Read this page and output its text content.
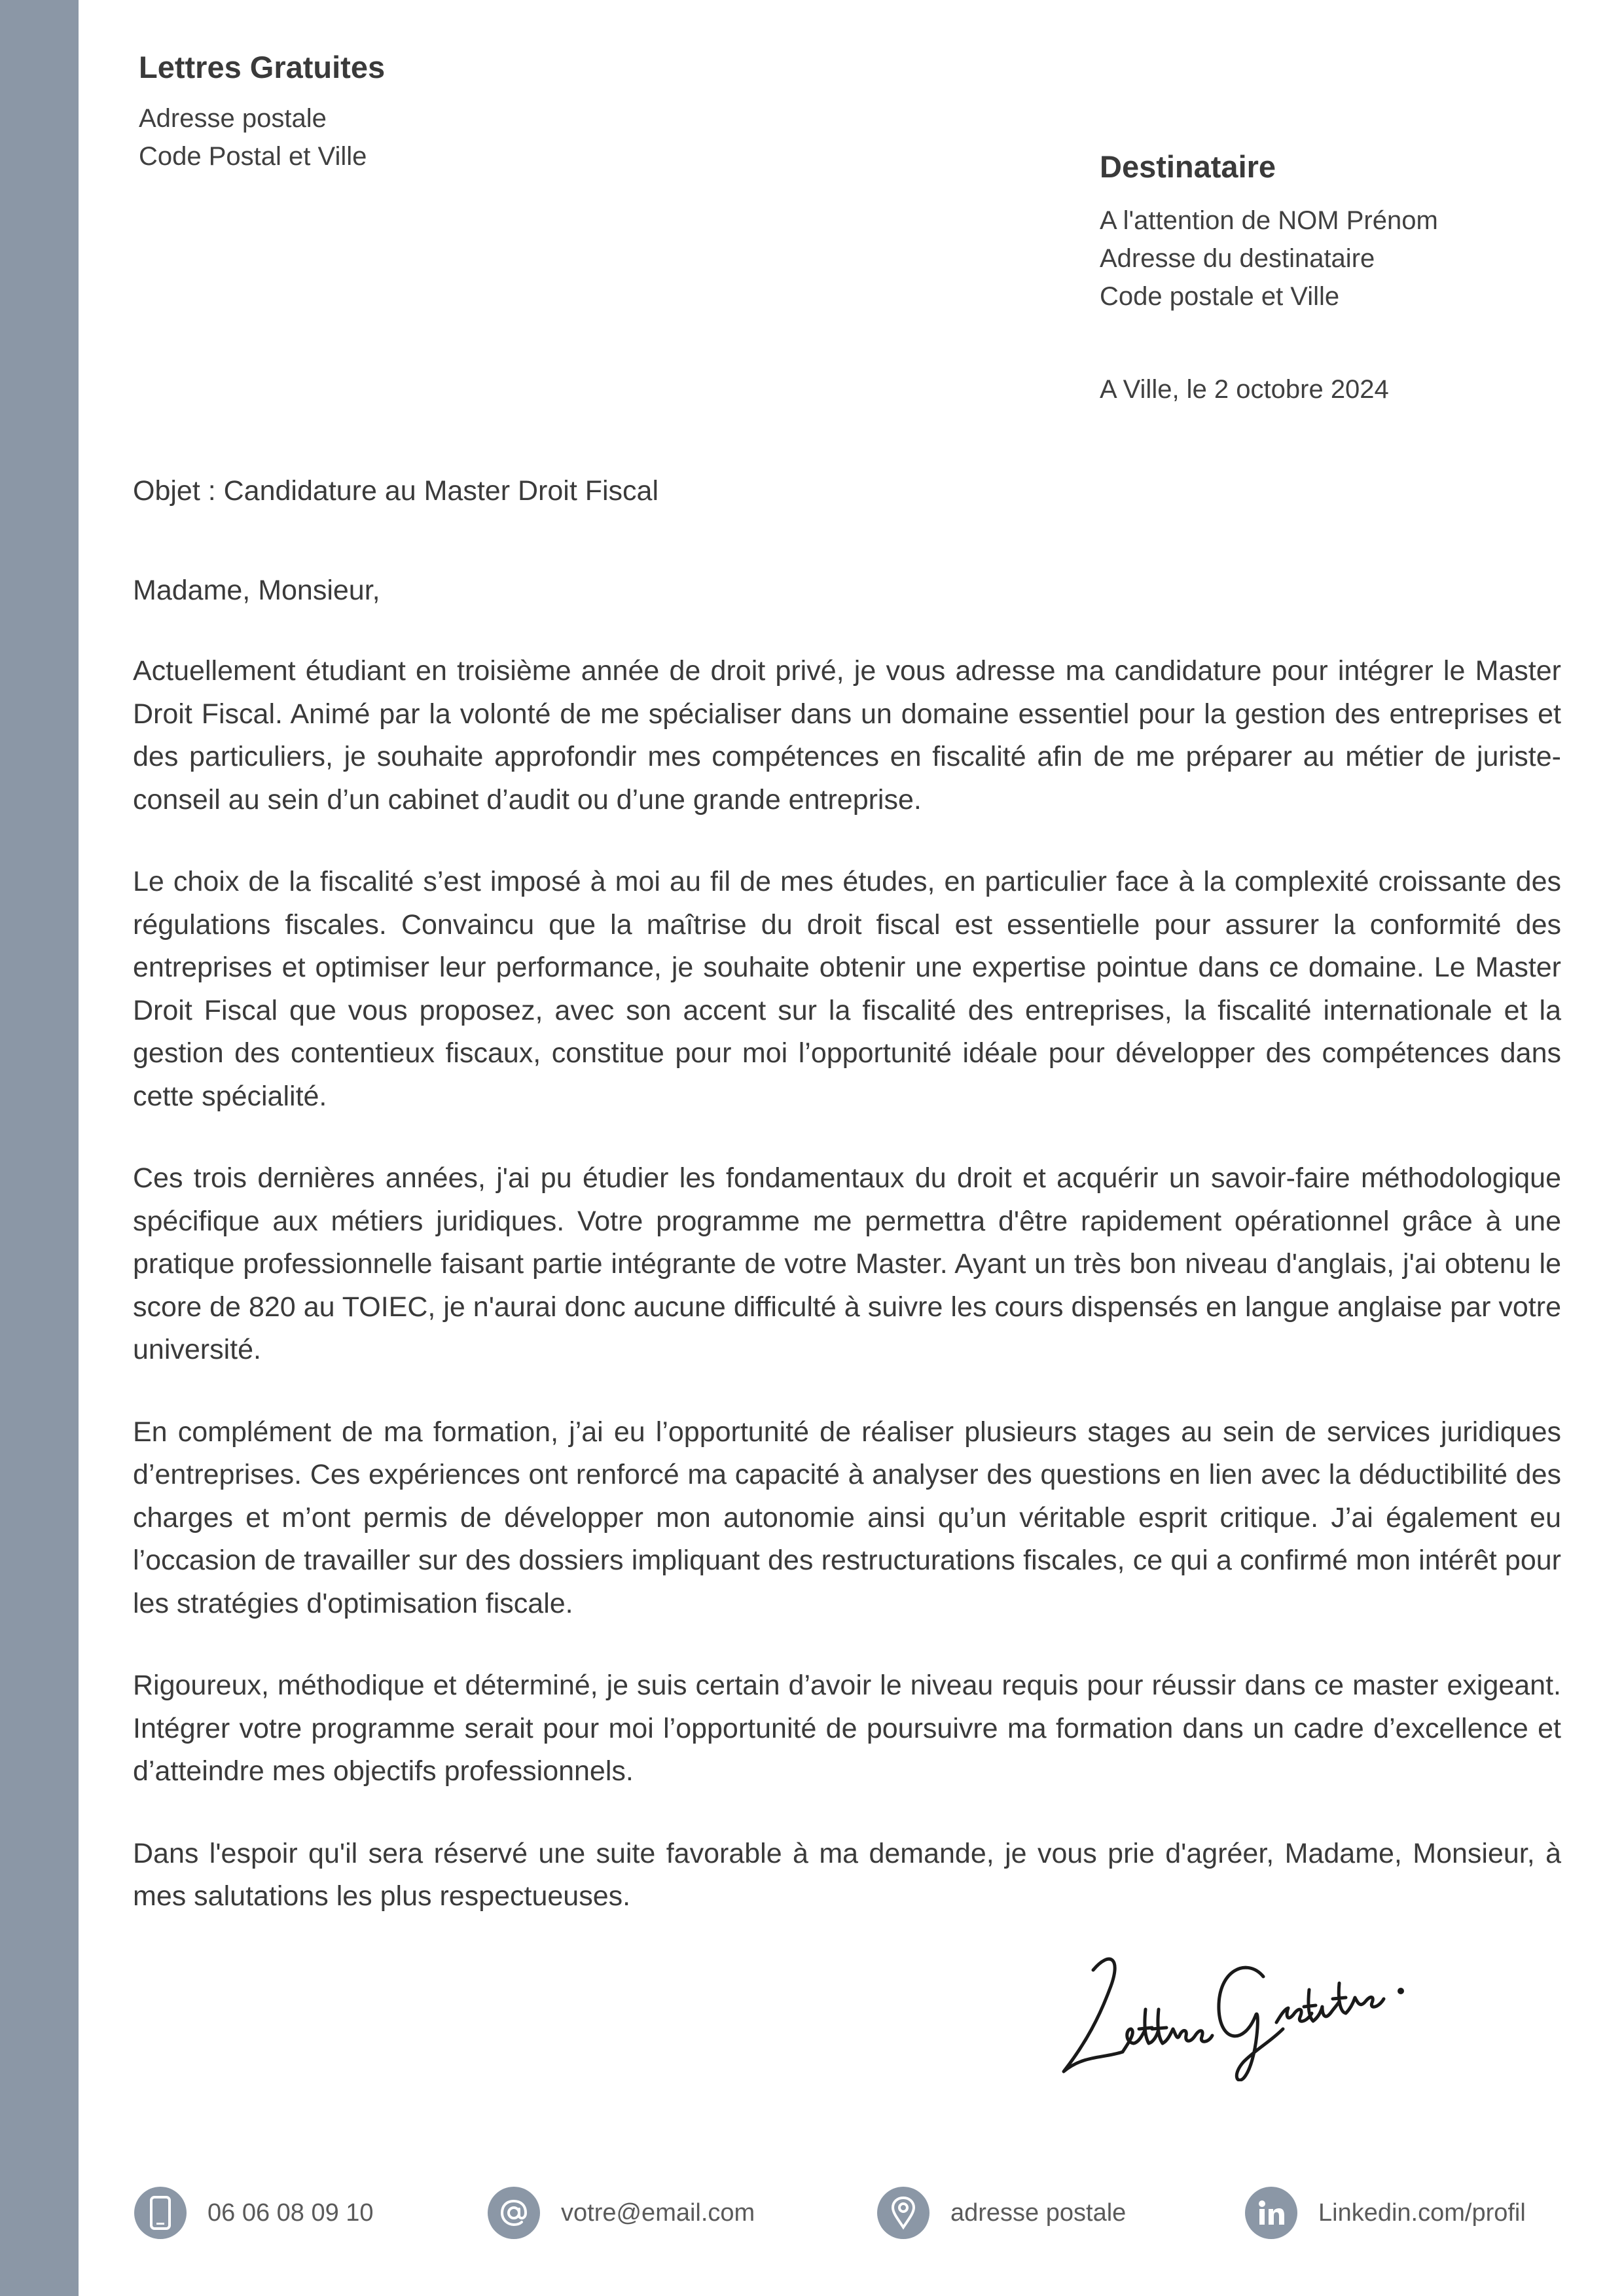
Lettres Gratuites
Adresse postale
Code Postal et Ville	Destinataire
A l'attention de NOM Prénom
Adresse du destinataire
Code postale et Ville
A Ville, le 2 octobre 2024
Objet : Candidature au Master Droit Fiscal
Madame, Monsieur,

Actuellement étudiant en troisième année de droit privé, je vous adresse ma candidature pour intégrer le Master Droit Fiscal. Animé par la volonté de me spécialiser dans un domaine essentiel pour la gestion des entreprises et des particuliers, je souhaite approfondir mes compétences en fiscalité afin de me préparer au métier de juriste-conseil au sein d’un cabinet d’audit ou d’une grande entreprise.

Le choix de la fiscalité s’est imposé à moi au fil de mes études, en particulier face à la complexité croissante des régulations fiscales. Convaincu que la maîtrise du droit fiscal est essentielle pour assurer la conformité des entreprises et optimiser leur performance, je souhaite obtenir une expertise pointue dans ce domaine. Le Master Droit Fiscal que vous proposez, avec son accent sur la fiscalité des entreprises, la fiscalité internationale et la gestion des contentieux fiscaux, constitue pour moi l’opportunité idéale pour développer des compétences dans cette spécialité.

Ces trois dernières années, j'ai pu étudier les fondamentaux du droit et acquérir un savoir-faire méthodologique spécifique aux métiers juridiques. Votre programme me permettra d'être rapidement opérationnel grâce à une pratique professionnelle faisant partie intégrante de votre Master. Ayant un très bon niveau d'anglais, j'ai obtenu le score de 820 au TOIEC, je n'aurai donc aucune difficulté à suivre les cours dispensés en langue anglaise par votre université.

En complément de ma formation, j’ai eu l’opportunité de réaliser plusieurs stages au sein de services juridiques d’entreprises. Ces expériences ont renforcé ma capacité à analyser des questions en lien avec la déductibilité des charges et m’ont permis de développer mon autonomie ainsi qu’un véritable esprit critique. J’ai également eu l’occasion de travailler sur des dossiers impliquant des restructurations fiscales, ce qui a confirmé mon intérêt pour les stratégies d'optimisation fiscale.

Rigoureux, méthodique et déterminé, je suis certain d’avoir le niveau requis pour réussir dans ce master exigeant. Intégrer votre programme serait pour moi l’opportunité de poursuivre ma formation dans un cadre d’excellence et d’atteindre mes objectifs professionnels.

Dans l'espoir qu'il sera réservé une suite favorable à ma demande, je vous prie d'agréer, Madame, Monsieur, à mes salutations les plus respectueuses.

06 06 08 09 10	votre@email.com	adresse postale	Linkedin.com/profil
